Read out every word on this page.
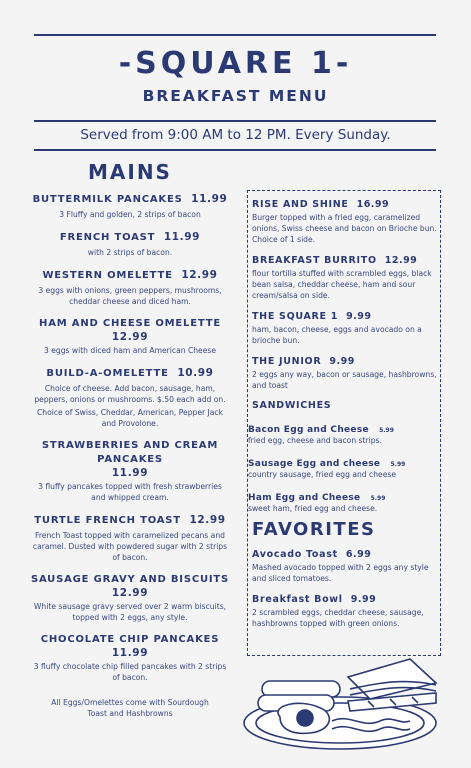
-SQUARE 1-
BREAKFAST MENU
Served from 9:00 AM to 12 PM. Every Sunday.
MAINS
BUTTERMILK PANCAKES 11.99
3 Fluffy and golden, 2 strips of bacon
FRENCH TOAST 11.99
with 2 strips of bacon.
WESTERN OMELETTE 12.99
3 eggs with onions, green peppers, mushrooms, cheddar cheese and diced ham.
HAM AND CHEESE OMELETTE
12.99
3 eggs with diced ham and American Cheese
BUILD-A-OMELETTE 10.99
Choice of cheese. Add bacon, sausage, ham, peppers, onions or mushrooms. $.50 each add on.
Choice of Swiss, Cheddar, American, Pepper Jack and Provolone.
STRAWBERRIES AND CREAM PANCAKES
11.99
3 fluffy pancakes topped with fresh strawberries and whipped cream.
TURTLE FRENCH TOAST 12.99
French Toast topped with caramelized pecans and caramel. Dusted with powdered sugar with 2 strips of bacon.
SAUSAGE GRAVY AND BISCUITS
12.99
White sausage gravy served over 2 warm biscuits, topped with 2 eggs, any style.
CHOCOLATE CHIP PANCAKES
11.99
3 fluffy chocolate chip filled pancakes with 2 strips of bacon.
All Eggs/Omelettes come with Sourdough Toast and Hashbrowns
RISE AND SHINE 16.99
Burger topped with a fried egg, caramelized onions, Swiss cheese and bacon on Brioche bun. Choice of 1 side.
BREAKFAST BURRITO 12.99
flour tortilla stuffed with scrambled eggs, black bean salsa, cheddar cheese, ham and sour cream/salsa on side.
THE SQUARE 1 9.99
ham, bacon, cheese, eggs and avocado on a brioche bun.
THE JUNIOR 9.99
2 eggs any way, bacon or sausage, hashbrowns, and toast
SANDWICHES
Bacon Egg and Cheese 5.99
fried egg, cheese and bacon strips.
Sausage Egg and cheese 5.99
country sausage, fried egg and cheese
Ham Egg and Cheese 5.99
sweet ham, fried egg and cheese.
FAVORITES
Avocado Toast 6.99
Mashed avocado topped with 2 eggs any style and sliced tomatoes.
Breakfast Bowl 9.99
2 scrambled eggs, cheddar cheese, sausage, hashbrowns topped with green onions.
